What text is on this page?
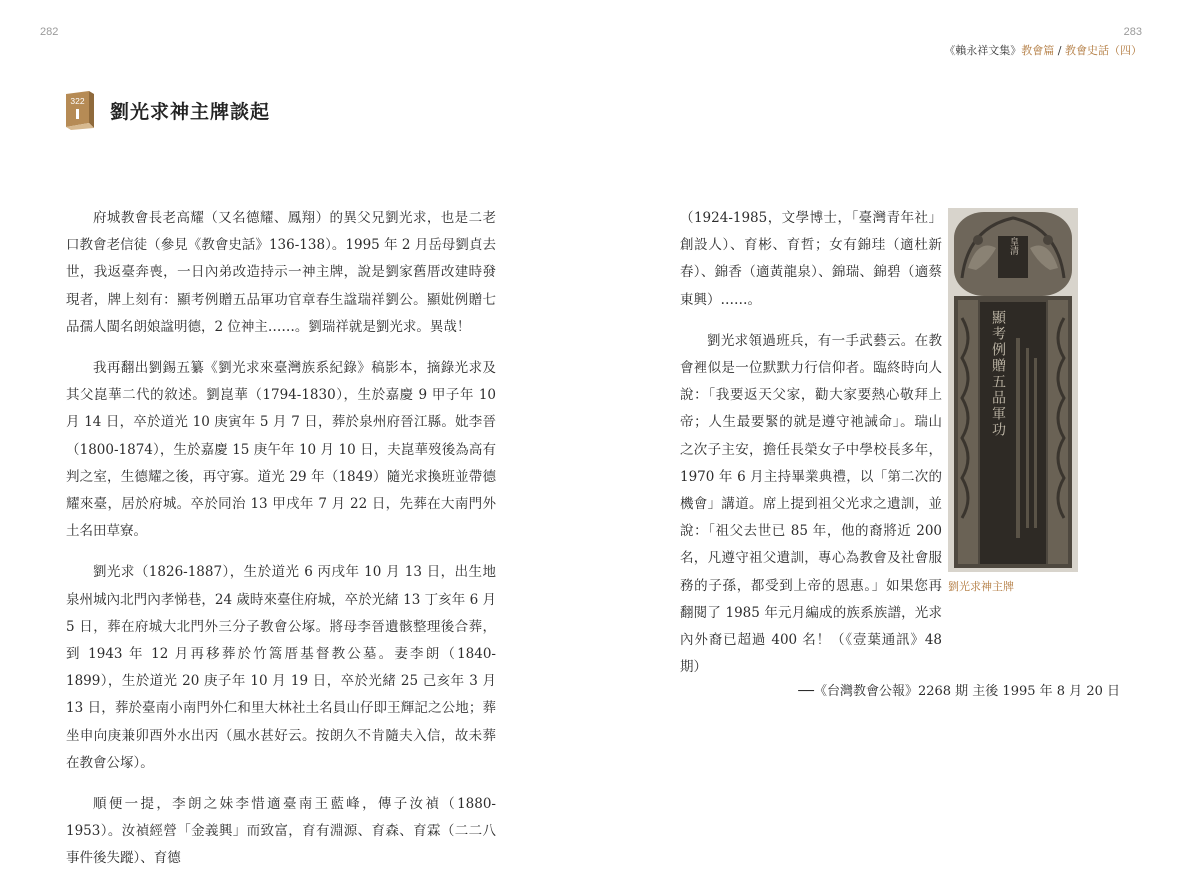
282	283
《賴永祥文集》教會篇 / 教會史話（四）
322 劉光求神主牌談起

府城教會長老高耀（又名德耀、鳳翔）的異父兄劉光求，也是二老口教會老信徒（參見《教會史話》136-138）。1995 年 2 月岳母劉貞去世，我返臺奔喪，一日內弟改造持示一神主牌，說是劉家舊厝改建時發現者，牌上刻有：顯考例贈五品軍功官章春生諡瑞祥劉公。顯妣例贈七品孺人閩名朗娘諡明德，2 位神主……。劉瑞祥就是劉光求。異哉！

我再翻出劉錫五纂《劉光求來臺灣族系紀錄》稿影本，摘錄光求及其父崑華二代的敘述。劉崑華（1794-1830），生於嘉慶 9 甲子年 10 月 14 日，卒於道光 10 庚寅年 5 月 7 日，葬於泉州府晉江縣。妣李晉（1800-1874），生於嘉慶 15 庚午年 10 月 10 日，夫崑華歿後為高有判之室，生德耀之後，再守寡。道光 29 年（1849）隨光求換班並帶德耀來臺，居於府城。卒於同治 13 甲戌年 7 月 22 日，先葬在大南門外土名田草寮。

劉光求（1826-1887），生於道光 6 丙戌年 10 月 13 日，出生地泉州城內北門內孝悌巷，24 歲時來臺住府城，卒於光緒 13 丁亥年 6 月 5 日，葬在府城大北門外三分子教會公塚。將母李晉遺骸整理後合葬，到 1943 年 12 月再移葬於竹篙厝基督教公墓。妻李朗（1840-1899），生於道光 20 庚子年 10 月 19 日，卒於光緒 25 己亥年 3 月 13 日，葬於臺南小南門外仁和里大林社土名員山仔即王輝記之公地；葬坐申向庚兼卯酉外水出丙（風水甚好云。按朗久不肯隨夫入信，故未葬在教會公塚）。

順便一提，李朗之妹李惜適臺南王藍峰，傳子汝禎（1880-1953）。汝禎經營「金義興」而致富，育有淵源、育森、育霖（二二八事件後失蹤）、育德

（1924-1985，文學博士，「臺灣青年社」創設人）、育彬、育哲；女有錦珪（適杜新春）、錦香（適黃龍泉）、錦瑞、錦碧（適蔡東興）……。

劉光求領過班兵，有一手武藝云。在教會裡似是一位默默力行信仰者。臨終時向人說：「我要返天父家，勸大家要熱心敬拜上帝；人生最要緊的就是遵守祂誡命」。瑞山之次子主安，擔任長榮女子中學校長多年，1970 年 6 月主持畢業典禮，以「第二次的機會」講道。席上提到祖父光求之遺訓，並說：「祖父去世已 85 年，他的裔將近 200 名，凡遵守祖父遺訓，專心為教會及社會服務的子孫，都受到上帝的恩惠。」如果您再翻閱了 1985 年元月編成的族系族譜，光求內外裔已超過 400 名！（《壹葉通訊》48 期）

皇清
顯考例贈五品軍功
劉光求神主牌
──《台灣教會公報》2268 期 主後 1995 年 8 月 20 日
